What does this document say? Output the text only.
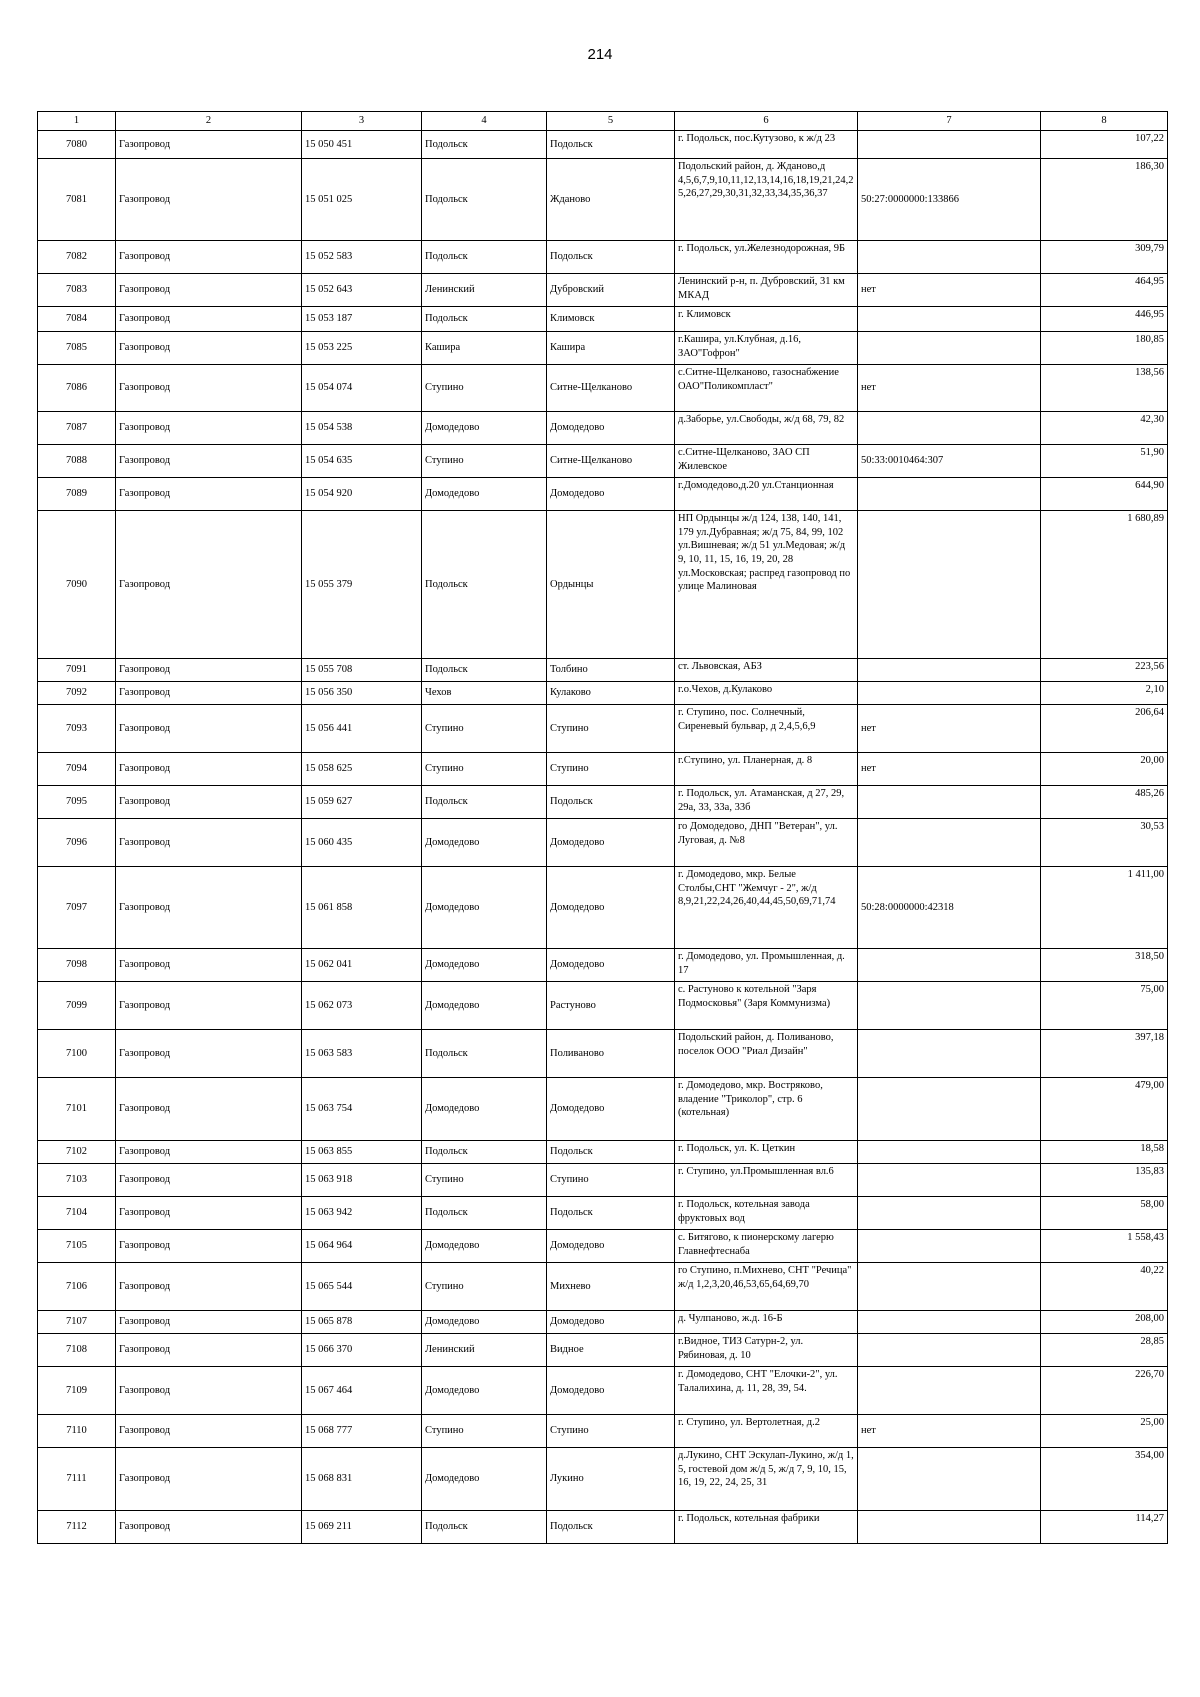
214
1	2	3	4	5	6	7	8
7080	Газопровод	15 050 451	Подольск	Подольск	г. Подольск, пос.Кутузово, к ж/д 23		107,22
7081	Газопровод	15 051 025	Подольск	Жданово	Подольский район, д. Жданово,д 4,5,6,7,9,10,11,12,13,14,16,18,19,21,24,25,26,27,29,30,31,32,33,34,35,36,37	50:27:0000000:133866	186,30
7082	Газопровод	15 052 583	Подольск	Подольск	г. Подольск, ул.Железнодорожная, 9Б		309,79
7083	Газопровод	15 052 643	Ленинский	Дубровский	Ленинский р-н, п. Дубровский, 31 км МКАД	нет	464,95
7084	Газопровод	15 053 187	Подольск	Климовск	г. Климовск		446,95
7085	Газопровод	15 053 225	Кашира	Кашира	г.Кашира, ул.Клубная, д.16, ЗАО"Гофрон"		180,85
7086	Газопровод	15 054 074	Ступино	Ситне-Щелканово	с.Ситне-Щелканово, газоснабжение ОАО"Поликомпласт"	нет	138,56
7087	Газопровод	15 054 538	Домодедово	Домодедово	д.Заборье, ул.Свободы, ж/д 68, 79, 82		42,30
7088	Газопровод	15 054 635	Ступино	Ситне-Щелканово	с.Ситне-Щелканово, ЗАО СП Жилевское	50:33:0010464:307	51,90
7089	Газопровод	15 054 920	Домодедово	Домодедово	г.Домодедово,д.20 ул.Станционная		644,90
7090	Газопровод	15 055 379	Подольск	Ордынцы	НП Ордынцы ж/д 124, 138, 140, 141, 179 ул.Дубравная; ж/д 75, 84, 99, 102 ул.Вишневая; ж/д 51 ул.Медовая; ж/д 9, 10, 11, 15, 16, 19, 20, 28 ул.Московская; распред газопровод по улице Малиновая		1 680,89
7091	Газопровод	15 055 708	Подольск	Толбино	ст. Львовская, АБЗ		223,56
7092	Газопровод	15 056 350	Чехов	Кулаково	г.о.Чехов, д.Кулаково		2,10
7093	Газопровод	15 056 441	Ступино	Ступино	г. Ступино, пос. Солнечный, Сиреневый бульвар, д 2,4,5,6,9	нет	206,64
7094	Газопровод	15 058 625	Ступино	Ступино	г.Ступино, ул. Планерная, д. 8	нет	20,00
7095	Газопровод	15 059 627	Подольск	Подольск	г. Подольск, ул. Атаманская, д 27, 29, 29а, 33, 33а, 33б		485,26
7096	Газопровод	15 060 435	Домодедово	Домодедово	го Домодедово, ДНП "Ветеран", ул. Луговая, д. №8		30,53
7097	Газопровод	15 061 858	Домодедово	Домодедово	г. Домодедово, мкр. Белые Столбы,СНТ "Жемчуг - 2", ж/д 8,9,21,22,24,26,40,44,45,50,69,71,74	50:28:0000000:42318	1 411,00
7098	Газопровод	15 062 041	Домодедово	Домодедово	г. Домодедово, ул. Промышленная, д. 17		318,50
7099	Газопровод	15 062 073	Домодедово	Растуново	с. Растуново к котельной "Заря Подмосковья" (Заря Коммунизма)		75,00
7100	Газопровод	15 063 583	Подольск	Поливаново	Подольский район, д. Поливаново, поселок ООО "Риал Дизайн"		397,18
7101	Газопровод	15 063 754	Домодедово	Домодедово	г. Домодедово, мкр. Востряково, владение "Триколор", стр. 6 (котельная)		479,00
7102	Газопровод	15 063 855	Подольск	Подольск	г. Подольск, ул. К. Цеткин		18,58
7103	Газопровод	15 063 918	Ступино	Ступино	г. Ступино, ул.Промышленная вл.6		135,83
7104	Газопровод	15 063 942	Подольск	Подольск	г. Подольск, котельная завода фруктовых вод		58,00
7105	Газопровод	15 064 964	Домодедово	Домодедово	с. Битягово, к пионерскому лагерю Главнефтеснаба		1 558,43
7106	Газопровод	15 065 544	Ступино	Михнево	го Ступино, п.Михнево, СНТ "Речица" ж/д 1,2,3,20,46,53,65,64,69,70		40,22
7107	Газопровод	15 065 878	Домодедово	Домодедово	д. Чулпаново, ж.д. 16-Б		208,00
7108	Газопровод	15 066 370	Ленинский	Видное	г.Видное, ТИЗ Сатурн-2, ул. Рябиновая, д. 10		28,85
7109	Газопровод	15 067 464	Домодедово	Домодедово	г. Домодедово, СНТ "Елочки-2", ул. Талалихина, д. 11, 28, 39, 54.		226,70
7110	Газопровод	15 068 777	Ступино	Ступино	г. Ступино, ул. Вертолетная, д.2	нет	25,00
7111	Газопровод	15 068 831	Домодедово	Лукино	д.Лукино, СНТ Эскулап-Лукино, ж/д 1, 5, гостевой дом ж/д 5, ж/д 7, 9, 10, 15, 16, 19, 22, 24, 25, 31		354,00
7112	Газопровод	15 069 211	Подольск	Подольск	г. Подольск, котельная фабрики		114,27
